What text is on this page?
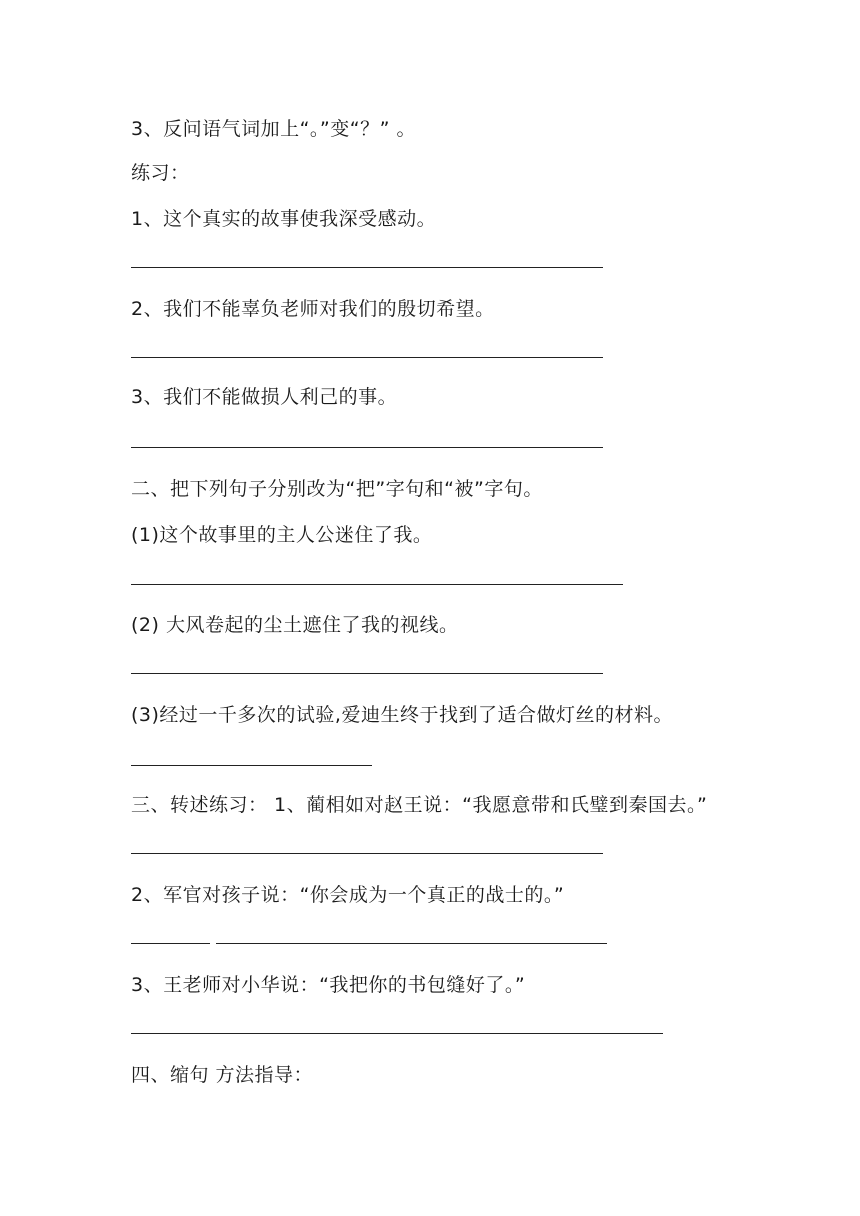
3、反问语气词加上“。”变“？” 。
练习：
1、这个真实的故事使我深受感动。
2、我们不能辜负老师对我们的殷切希望。
3、我们不能做损人利己的事。
二、把下列句子分别改为“把”字句和“被”字句。
(1)这个故事里的主人公迷住了我。
(2) 大风卷起的尘土遮住了我的视线。
(3)经过一千多次的试验,爱迪生终于找到了适合做灯丝的材料。
三、转述练习： 1、蔺相如对赵王说：“我愿意带和氏璧到秦国去。”
2、军官对孩子说：“你会成为一个真正的战士的。”
3、王老师对小华说：“我把你的书包缝好了。”
四、缩句 方法指导：
